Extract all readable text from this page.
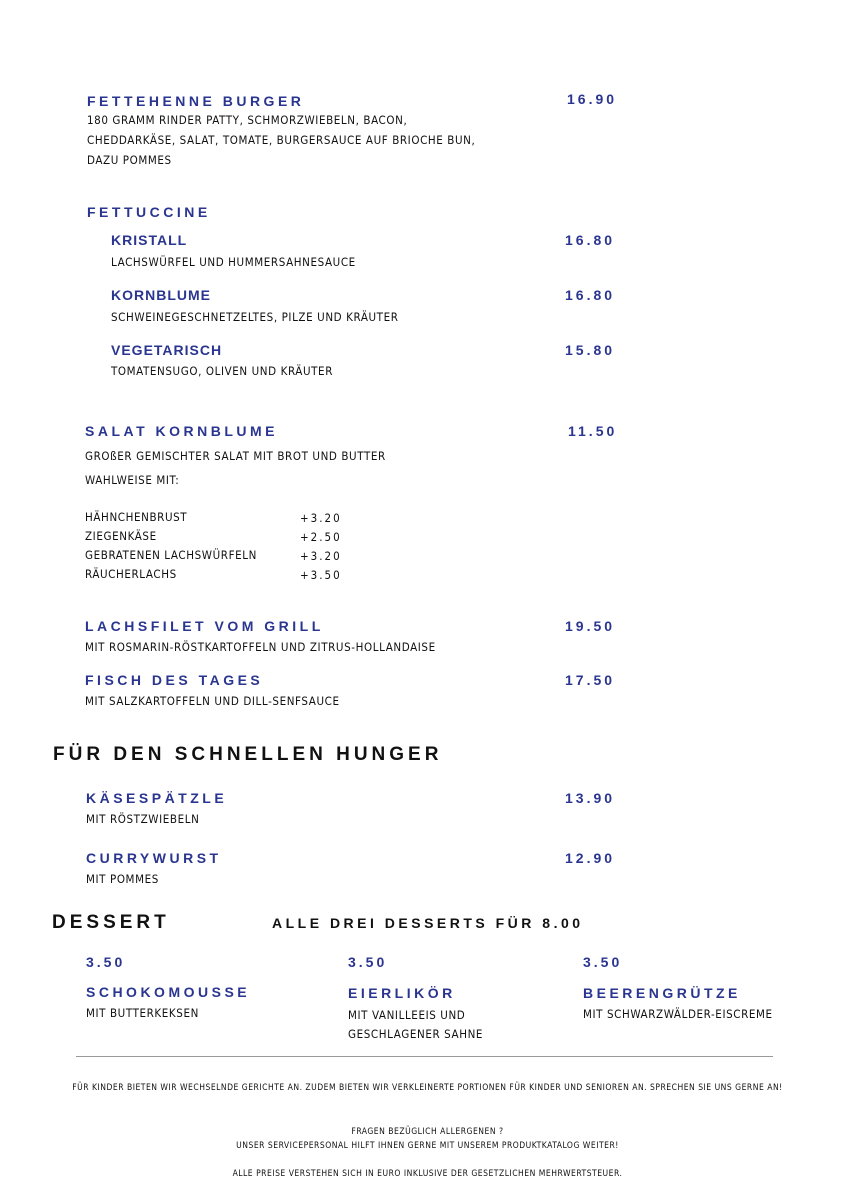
FETTEHENNE BURGER	16.90
180 GRAMM RINDER PATTY, SCHMORZWIEBELN, BACON,
CHEDDARKÄSE, SALAT, TOMATE, BURGERSAUCE AUF BRIOCHE BUN,
DAZU POMMES
FETTUCCINE
KRISTALL	16.80
LACHSWÜRFEL UND HUMMERSAHNESAUCE
KORNBLUME	16.80
SCHWEINEGESCHNETZELTES, PILZE UND KRÄUTER
VEGETARISCH	15.80
TOMATENSUGO, OLIVEN UND KRÄUTER
SALAT KORNBLUME	11.50
GROßER GEMISCHTER SALAT MIT BROT UND BUTTER
WAHLWEISE MIT:
HÄHNCHENBRUST	+3.20
ZIEGENKÄSE	+2.50
GEBRATENEN LACHSWÜRFELN	+3.20
RÄUCHERLACHS	+3.50
LACHSFILET VOM GRILL	19.50
MIT ROSMARIN-RÖSTKARTOFFELN UND ZITRUS-HOLLANDAISE
FISCH DES TAGES	17.50
MIT SALZKARTOFFELN UND DILL-SENFSAUCE
FÜR DEN SCHNELLEN HUNGER
KÄSESPÄTZLE	13.90
MIT RÖSTZWIEBELN
CURRYWURST	12.90
MIT POMMES
DESSERT	ALLE DREI DESSERTS FÜR 8.00
3.50
SCHOKOMOUSSE
MIT BUTTERKEKSEN
3.50
EIERLIKÖR
MIT VANILLEEIS UND
GESCHLAGENER SAHNE
3.50
BEERENGRÜTZE
MIT SCHWARZWÄLDER-EISCREME
FÜR KINDER BIETEN WIR WECHSELNDE GERICHTE AN. ZUDEM BIETEN WIR VERKLEINERTE PORTIONEN FÜR KINDER UND SENIOREN AN. SPRECHEN SIE UNS GERNE AN!
FRAGEN BEZÜGLICH ALLERGENEN ?
UNSER SERVICEPERSONAL HILFT IHNEN GERNE MIT UNSEREM PRODUKTKATALOG WEITER!
ALLE PREISE VERSTEHEN SICH IN EURO INKLUSIVE DER GESETZLICHEN MEHRWERTSTEUER.
